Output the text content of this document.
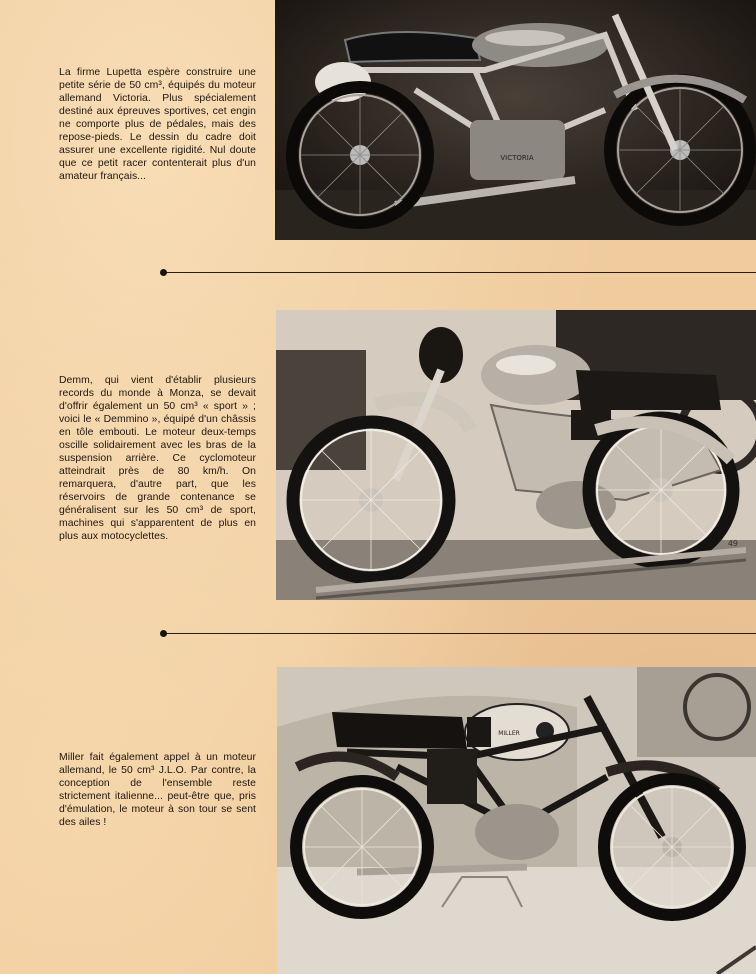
La firme Lupetta espère construire une petite série de 50 cm³, équipés du moteur allemand Victoria. Plus spécialement destiné aux épreuves sportives, cet engin ne comporte plus de pédales, mais des repose-pieds. Le dessin du cadre doit assurer une excellente rigidité. Nul doute que ce petit racer contenterait plus d'un amateur français...
Demm, qui vient d'établir plusieurs records du monde à Monza, se devait d'offrir également un 50 cm³ « sport » ; voici le « Demmino », équipé d'un châssis en tôle embouti. Le moteur deux-temps oscille solidairement avec les bras de la suspension arrière. Ce cyclomoteur atteindrait près de 80 km/h. On remarquera, d'autre part, que les réservoirs de grande contenance se généralisent sur les 50 cm³ de sport, machines qui s'apparentent de plus en plus aux motocyclettes.
Miller fait également appel à un moteur allemand, le 50 cm³ J.L.O. Par contre, la conception de l'ensemble reste strictement italienne... peut-être que, pris d'émulation, le moteur à son tour se sent des ailes !
VICTORIA
49
MILLER
